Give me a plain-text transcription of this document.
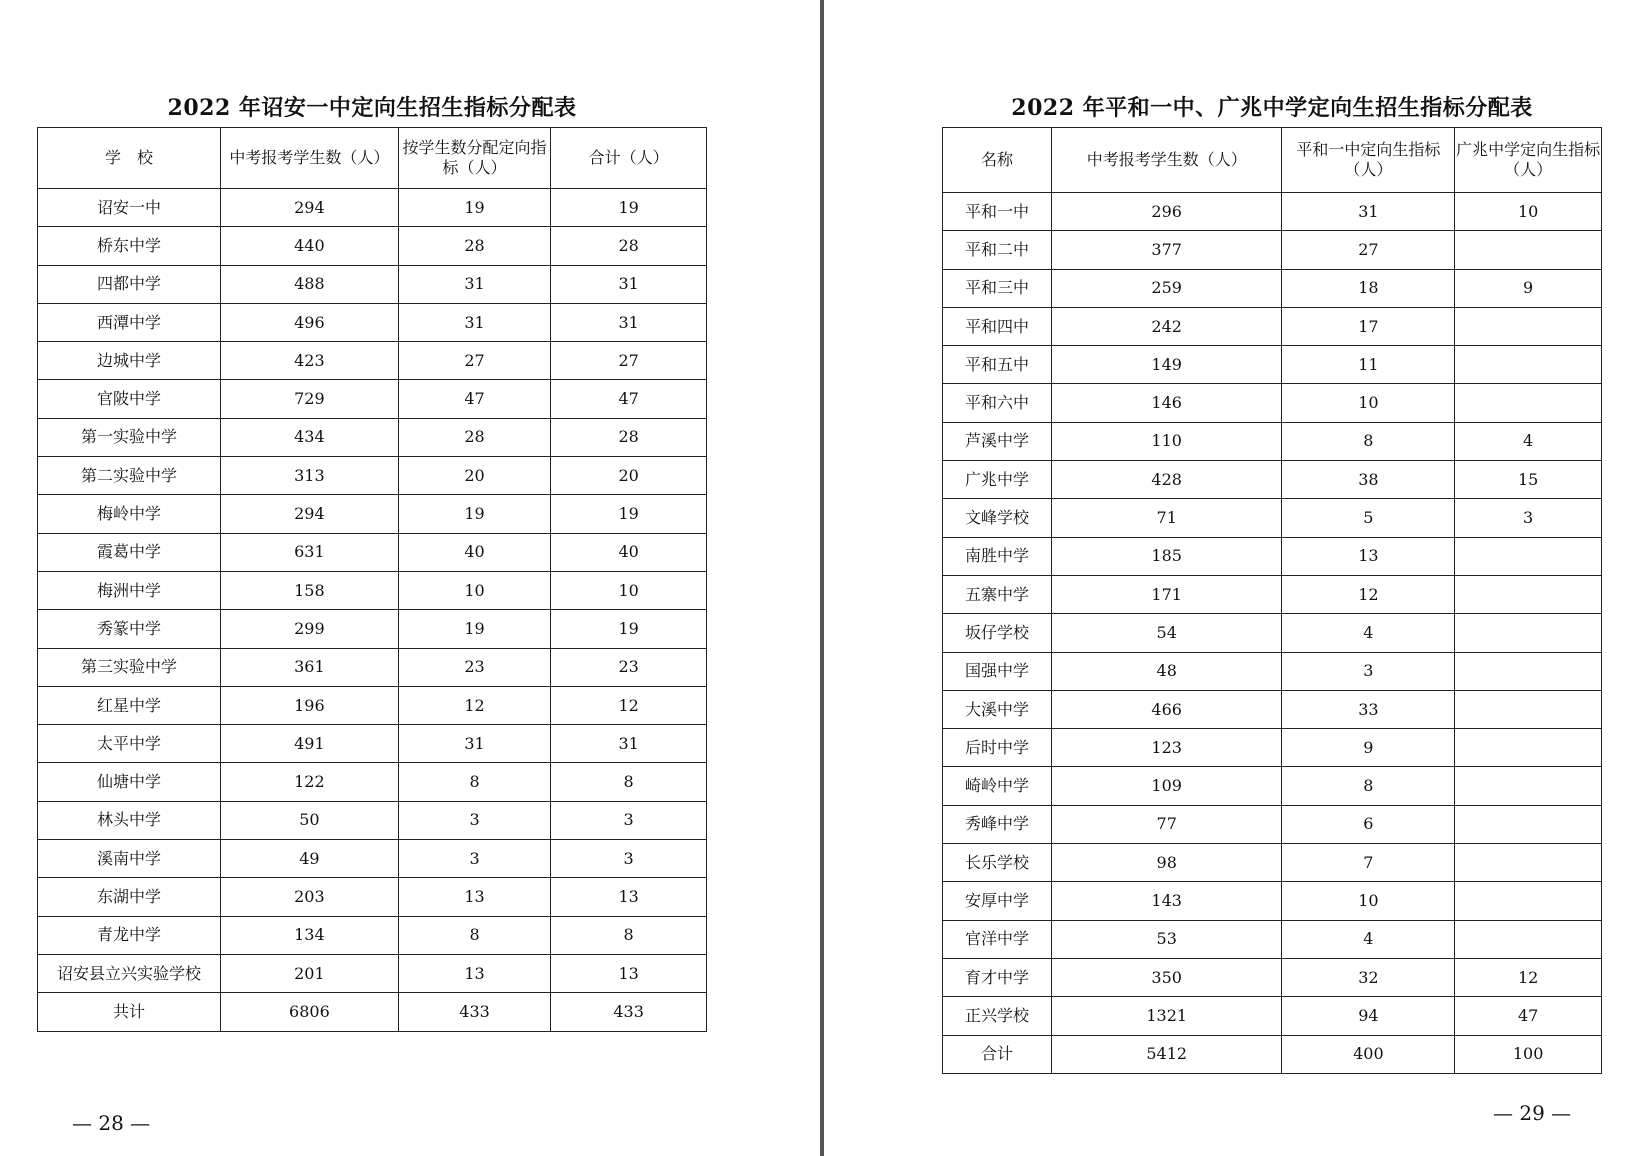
2022 年诏安一中定向生招生指标分配表
学　校	中考报考学生数（人）	按学生数分配定向指标（人）	合计（人）
诏安一中	294	19	19
桥东中学	440	28	28
四都中学	488	31	31
西潭中学	496	31	31
边城中学	423	27	27
官陂中学	729	47	47
第一实验中学	434	28	28
第二实验中学	313	20	20
梅岭中学	294	19	19
霞葛中学	631	40	40
梅洲中学	158	10	10
秀篆中学	299	19	19
第三实验中学	361	23	23
红星中学	196	12	12
太平中学	491	31	31
仙塘中学	122	8	8
林头中学	50	3	3
溪南中学	49	3	3
东湖中学	203	13	13
青龙中学	134	8	8
诏安县立兴实验学校	201	13	13
共计	6806	433	433
— 28 —
2022 年平和一中、广兆中学定向生招生指标分配表
名称	中考报考学生数（人）	平和一中定向生指标（人）	广兆中学定向生指标（人）
平和一中	296	31	10
平和二中	377	27	
平和三中	259	18	9
平和四中	242	17	
平和五中	149	11	
平和六中	146	10	
芦溪中学	110	8	4
广兆中学	428	38	15
文峰学校	71	5	3
南胜中学	185	13	
五寨中学	171	12	
坂仔学校	54	4	
国强中学	48	3	
大溪中学	466	33	
后时中学	123	9	
崎岭中学	109	8	
秀峰中学	77	6	
长乐学校	98	7	
安厚中学	143	10	
官洋中学	53	4	
育才中学	350	32	12
正兴学校	1321	94	47
合计	5412	400	100
— 29 —
